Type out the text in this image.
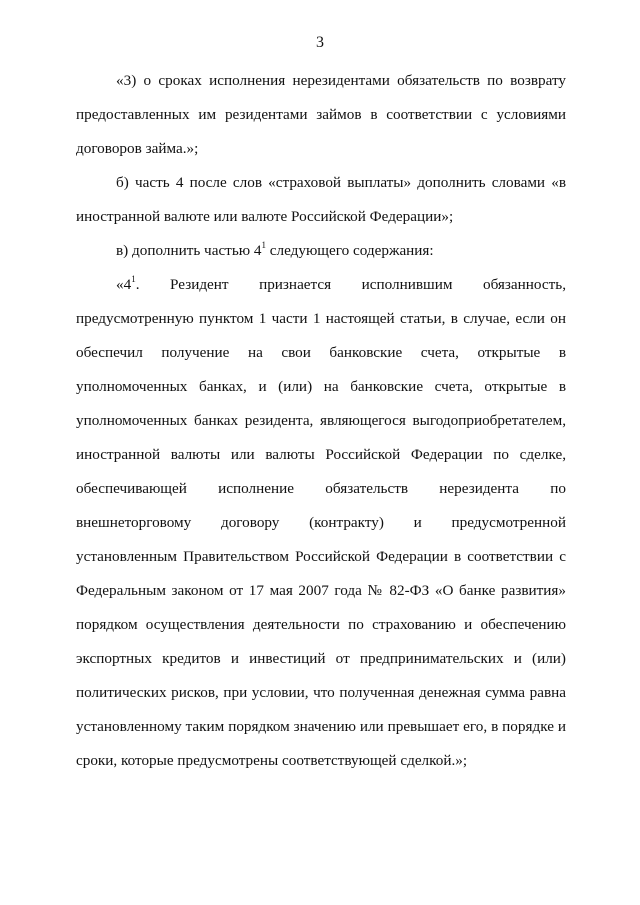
3

«3) о сроках исполнения нерезидентами обязательств по возврату предоставленных им резидентами займов в соответствии с условиями договоров займа.»;

б) часть 4 после слов «страховой выплаты» дополнить словами «в иностранной валюте или валюте Российской Федерации»;

в) дополнить частью $4^1$ следующего содержания:

«$4^1$. Резидент признается исполнившим обязанность, предусмотренную пунктом 1 части 1 настоящей статьи, в случае, если он обеспечил получение на свои банковские счета, открытые в уполномоченных банках, и (или) на банковские счета, открытые в уполномоченных банках резидента, являющегося выгодоприобретателем, иностранной валюты или валюты Российской Федерации по сделке, обеспечивающей исполнение обязательств нерезидента по внешнеторговому договору (контракту) и предусмотренной установленным Правительством Российской Федерации в соответствии с Федеральным законом от 17 мая 2007 года № 82-ФЗ «О банке развития» порядком осуществления деятельности по страхованию и обеспечению экспортных кредитов и инвестиций от предпринимательских и (или) политических рисков, при условии, что полученная денежная сумма равна установленному таким порядком значению или превышает его, в порядке и сроки, которые предусмотрены соответствующей сделкой.»;
